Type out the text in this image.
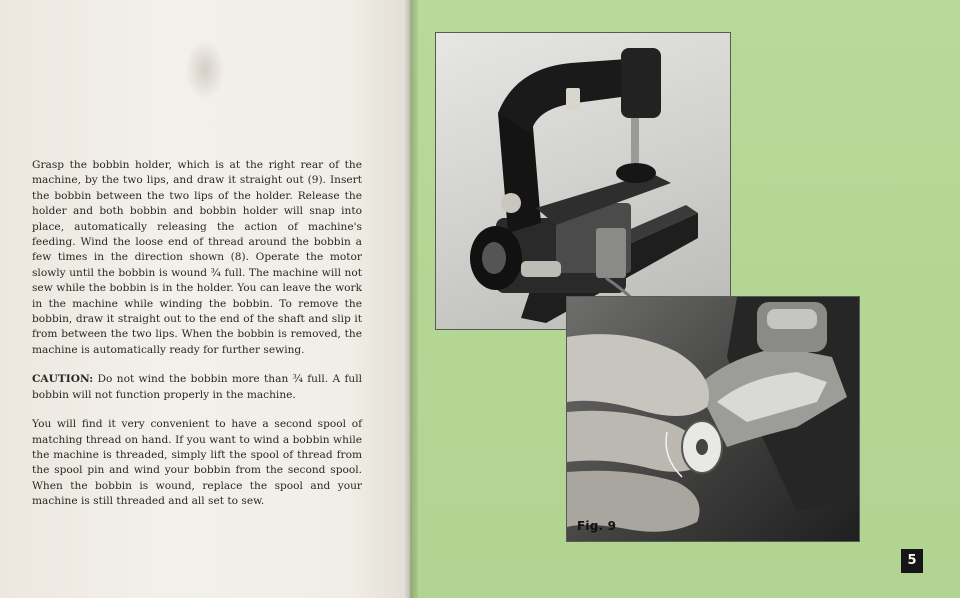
Grasp the bobbin holder, which is at the right rear of the machine, by the two lips, and draw it straight out (9). Insert the bobbin between the two lips of the holder. Release the holder and both bobbin and bobbin holder will snap into place, automatically releasing the action of machine's feeding. Wind the loose end of thread around the bobbin a few times in the direction shown (8). Operate the motor slowly until the bobbin is wound ¾ full. The machine will not sew while the bobbin is in the holder. You can leave the work in the machine while winding the bobbin. To remove the bobbin, draw it straight out to the end of the shaft and slip it from between the two lips. When the bobbin is removed, the machine is automatically ready for further sewing.

CAUTION: Do not wind the bobbin more than ¾ full. A full bobbin will not function properly in the machine.

You will find it very convenient to have a second spool of matching thread on hand. If you want to wind a bobbin while the machine is threaded, simply lift the spool of thread from the spool pin and wind your bobbin from the second spool. When the bobbin is wound, replace the spool and your machine is still threaded and all set to sew.

Fig. 9
5
